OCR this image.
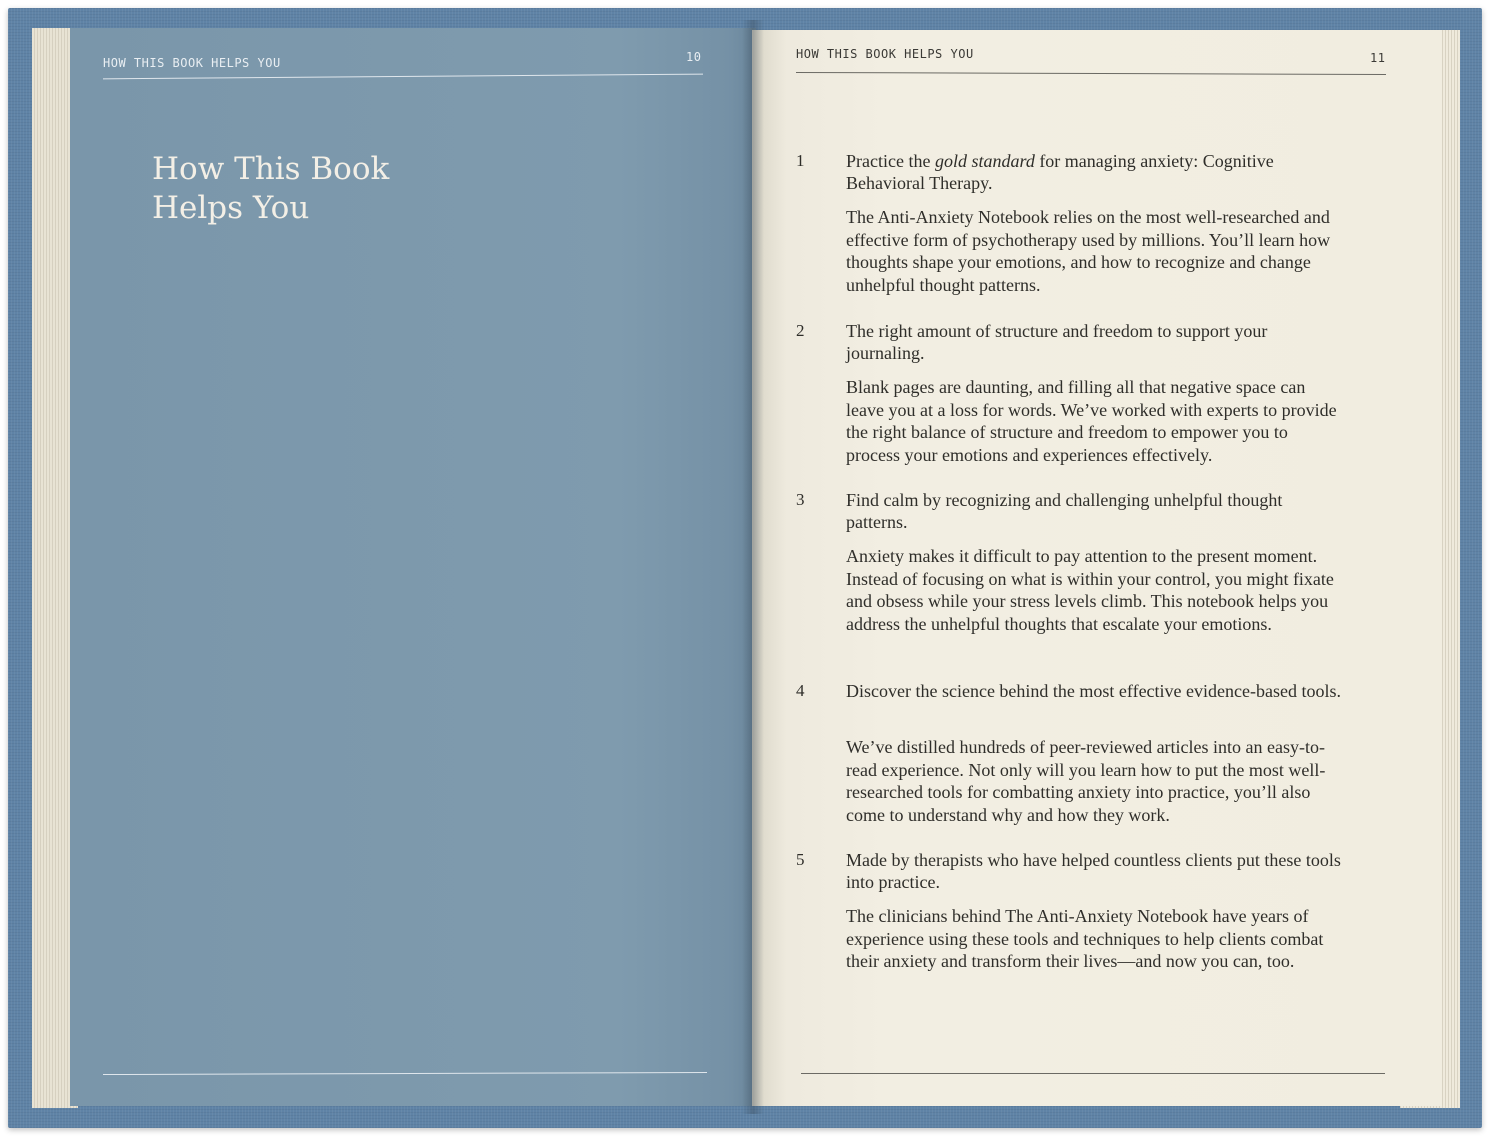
HOW THIS BOOK HELPS YOU	10
How This Book
Helps You
HOW THIS BOOK HELPS YOU	11
1	Practice the gold standard for managing anxiety: Cognitive Behavioral Therapy.
The Anti-Anxiety Notebook relies on the most well-researched and effective form of psychotherapy used by millions. You’ll learn how thoughts shape your emotions, and how to recognize and change unhelpful thought patterns.
2	The right amount of structure and freedom to support your journaling.
Blank pages are daunting, and filling all that negative space can leave you at a loss for words. We’ve worked with experts to provide the right balance of structure and freedom to empower you to process your emotions and experiences effectively.
3	Find calm by recognizing and challenging unhelpful thought patterns.
Anxiety makes it difficult to pay attention to the present moment. Instead of focusing on what is within your control, you might fixate and obsess while your stress levels climb. This notebook helps you address the unhelpful thoughts that escalate your emotions.
4	Discover the science behind the most effective evidence-based tools.
We’ve distilled hundreds of peer-reviewed articles into an easy-to-read experience. Not only will you learn how to put the most well-researched tools for combatting anxiety into practice, you’ll also come to understand why and how they work.
5	Made by therapists who have helped countless clients put these tools into practice.
The clinicians behind The Anti-Anxiety Notebook have years of experience using these tools and techniques to help clients combat their anxiety and transform their lives—and now you can, too.
